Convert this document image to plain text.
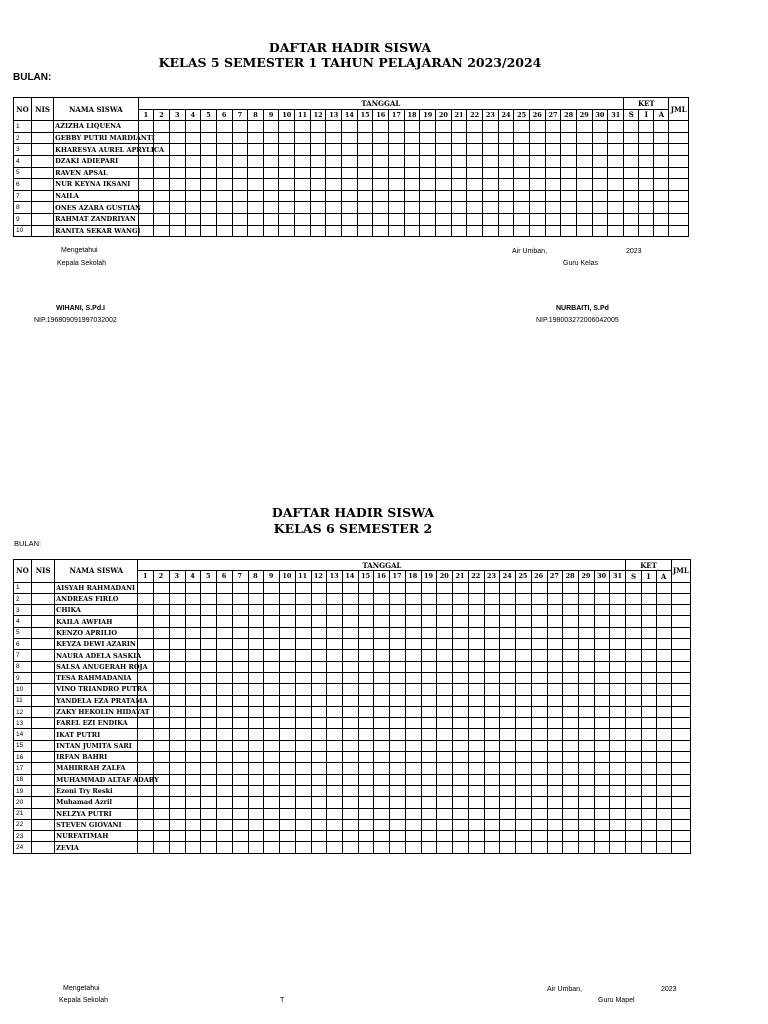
DAFTAR HADIR SISWA
KELAS 5 SEMESTER 1 TAHUN PELAJARAN 2023/2024
BULAN:
NO	NIS	NAMA SISWA	TANGGAL																															KET			JML
			1	2	3	4	5	6	7	8	9	10	11	12	13	14	15	16	17	18	19	20	21	22	23	24	25	26	27	28	29	30	31	S	I	A	
1		AZIZHA LIQUENA																																			
2		GEBBY PUTRI MARDIANTI																																			
3		KHARESYA AUREL APRYLICA																																			
4		DZAKI ADIEPARI																																			
5		RAVEN APSAL																																			
6		NUR KEYNA IKSANI																																			
7		NAILA																																			
8		ONES AZARA GUSTIAN																																			
9		RAHMAT ZANDRIYAN																																			
10		RANITA SEKAR WANGI																																			
Mengetahui
Kepala Sekolah
Air Umban,	2023
Guru Kelas
WIHANI, S.Pd.I
NIP.196809091997032002
NURBAITI, S.Pd
NIP.198003272006042005
DAFTAR HADIR SISWA
KELAS 6 SEMESTER 2
BULAN:
NO	NIS	NAMA SISWA	TANGGAL																															KET			JML
			1	2	3	4	5	6	7	8	9	10	11	12	13	14	15	16	17	18	19	20	21	22	23	24	25	26	27	28	29	30	31	S	I	A	
1		AISYAH RAHMADANI																																			
2		ANDREAS FIRLO																																			
3		CHIKA																																			
4		KAILA AWFIAH																																			
5		KENZO APRILIO																																			
6		KEYZA DEWI AZARIN																																			
7		NAURA ADELA SASKIA																																			
8		SALSA ANUGERAH ROJA																																			
9		TESA RAHMADANIA																																			
10		VINO TRIANDRO PUTRA																																			
11		YANDELA EZA PRATAMA																																			
12		ZAKY HEKOLIN HIDAYAT																																			
13		FAREL EZI ENDIKA																																			
14		IKAT PUTRI																																			
15		INTAN JUMITA SARI																																			
16		IRFAN BAHRI																																			
17		MAHIRRAH ZALFA																																			
18		MUHAMMAD ALTAF ADABY																																			
19		Ezoni Try Reski																																			
20		Muhamad Azril																																			
21		NELZYA PUTRI																																			
22		STEVEN GIOVANI																																			
23		NURFATIMAH																																			
24		ZEVIA																																			
Mengetahui
Kepala Sekolah	T
Air Umban,	2023
Guru Mapel
